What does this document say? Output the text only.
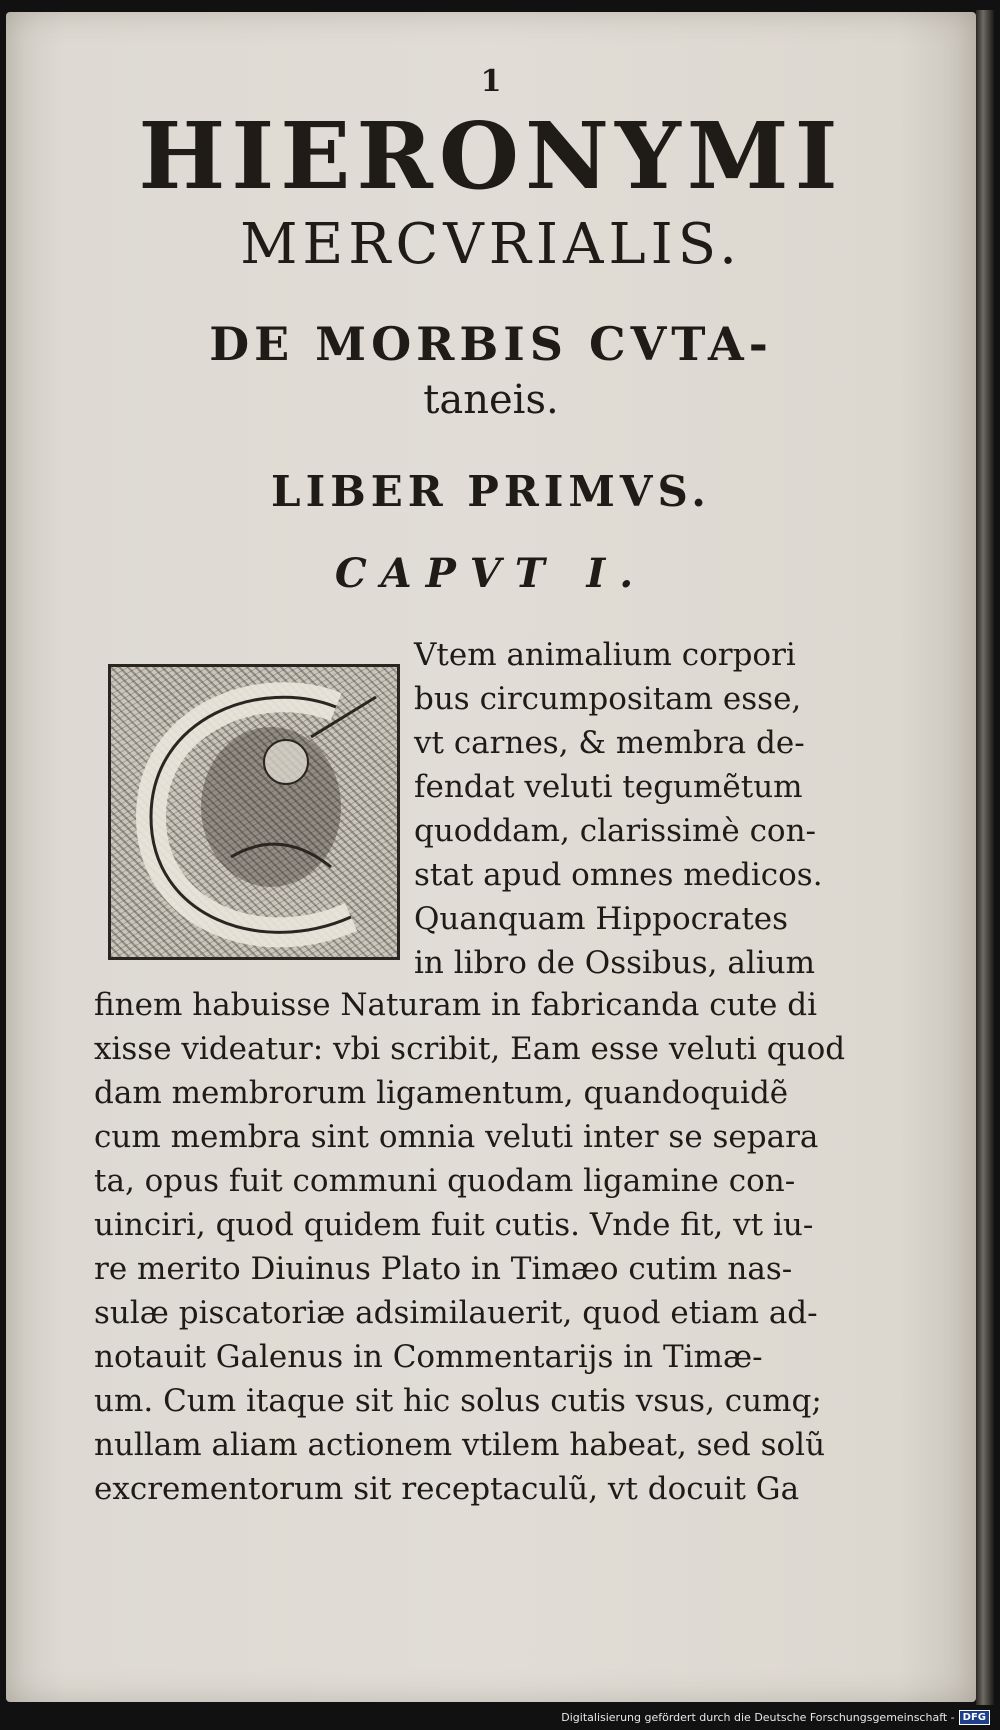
1
HIERONYMI
MERCVRIALIS.
DE MORBIS CVTA-
taneis.
LIBER PRIMVS.
CAPVT I.
Vtem animalium corpori
bus circumpositam esse,
vt carnes, & membra de-
fendat veluti tegumẽtum
quoddam, clarissimè con-
stat apud omnes medicos.
Quanquam Hippocrates
in libro de Ossibus, alium
finem habuisse Naturam in fabricanda cute di
xisse videatur: vbi scribit, Eam esse veluti quod
dam membrorum ligamentum, quandoquidẽ
cum membra sint omnia veluti inter se separa
ta, opus fuit communi quodam ligamine con-
uinciri, quod quidem fuit cutis. Vnde fit, vt iu-
re merito Diuinus Plato in Timæo cutim nas-
sulæ piscatoriæ adsimilauerit, quod etiam ad-
notauit Galenus in Commentarijs in Timæ-
um. Cum itaque sit hic solus cutis vsus, cumq;
nullam aliam actionem vtilem habeat, sed solũ
excrementorum sit receptaculũ, vt docuit Ga
Digitalisierung gefördert durch die Deutsche Forschungsgemeinschaft - DFG
